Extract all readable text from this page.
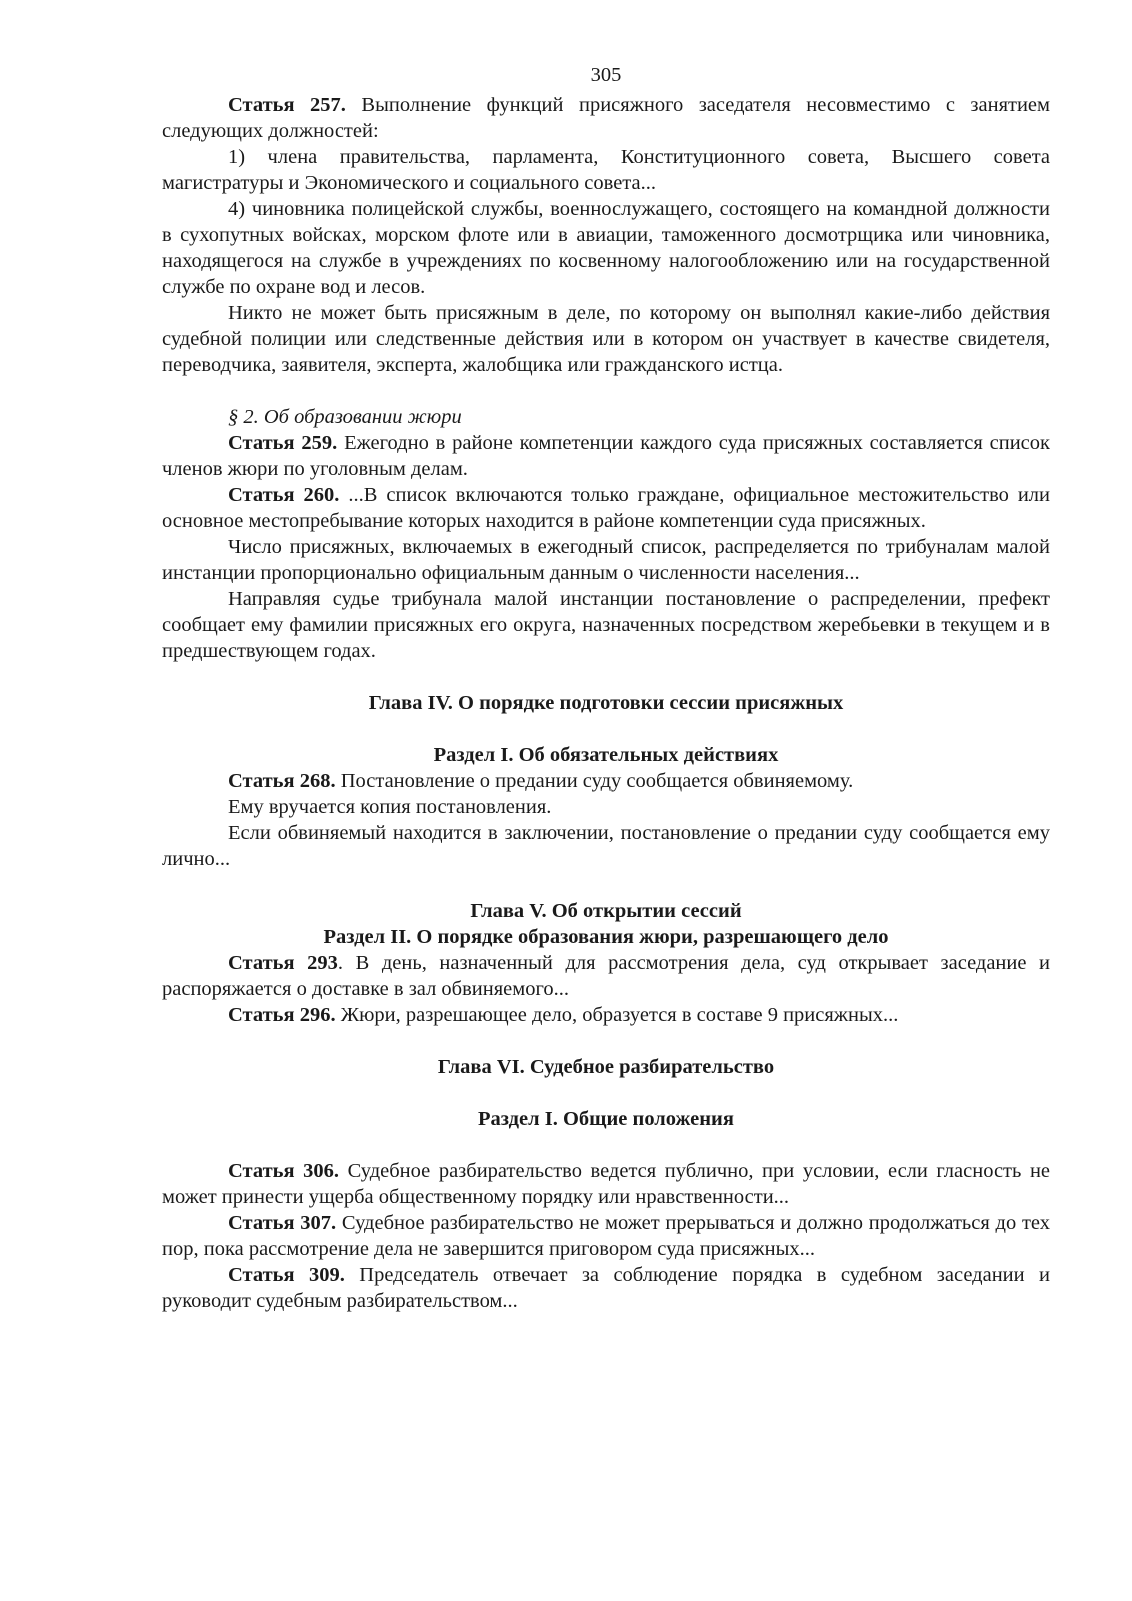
305

Статья 257. Выполнение функций присяжного заседателя несовместимо с занятием следующих должностей:

1) члена правительства, парламента, Конституционного совета, Высшего совета магистратуры и Экономического и социального совета...

4) чиновника полицейской службы, военнослужащего, состоящего на командной должности в сухопутных войсках, морском флоте или в авиации, таможенного досмотрщика или чиновника, находящегося на службе в учреждениях по косвенному налогообложению или на государственной службе по охране вод и лесов.

Никто не может быть присяжным в деле, по которому он выполнял какие-либо действия судебной полиции или следственные действия или в котором он участвует в качестве свидетеля, переводчика, заявителя, эксперта, жалобщика или гражданского истца.

§ 2. Об образовании жюри

Статья 259. Ежегодно в районе компетенции каждого суда присяжных составляется список членов жюри по уголовным делам.

Статья 260. ...В список включаются только граждане, официальное местожительство или основное местопребывание которых находится в районе компетенции суда присяжных.

Число присяжных, включаемых в ежегодный список, распределяется по трибуналам малой инстанции пропорционально официальным данным о численности населения...

Направляя судье трибунала малой инстанции постановление о распределении, префект сообщает ему фамилии присяжных его округа, назначенных посредством жеребьевки в текущем и в предшествующем годах.

Глава IV. О порядке подготовки сессии присяжных

Раздел I. Об обязательных действиях

Статья 268. Постановление о предании суду сообщается обвиняемому.

Ему вручается копия постановления.

Если обвиняемый находится в заключении, постановление о предании суду сообщается ему лично...

Глава V. Об открытии сессий

Раздел II. О порядке образования жюри, разрешающего дело

Статья 293. В день, назначенный для рассмотрения дела, суд открывает заседание и распоряжается о доставке в зал обвиняемого...

Статья 296. Жюри, разрешающее дело, образуется в составе 9 присяжных...

Глава VI. Судебное разбирательство

Раздел I. Общие положения

Статья 306. Судебное разбирательство ведется публично, при условии, если гласность не может принести ущерба общественному порядку или нравственности...

Статья 307. Судебное разбирательство не может прерываться и должно продолжаться до тех пор, пока рассмотрение дела не завершится приговором суда присяжных...

Статья 309. Председатель отвечает за соблюдение порядка в судебном заседании и руководит судебным разбирательством...
